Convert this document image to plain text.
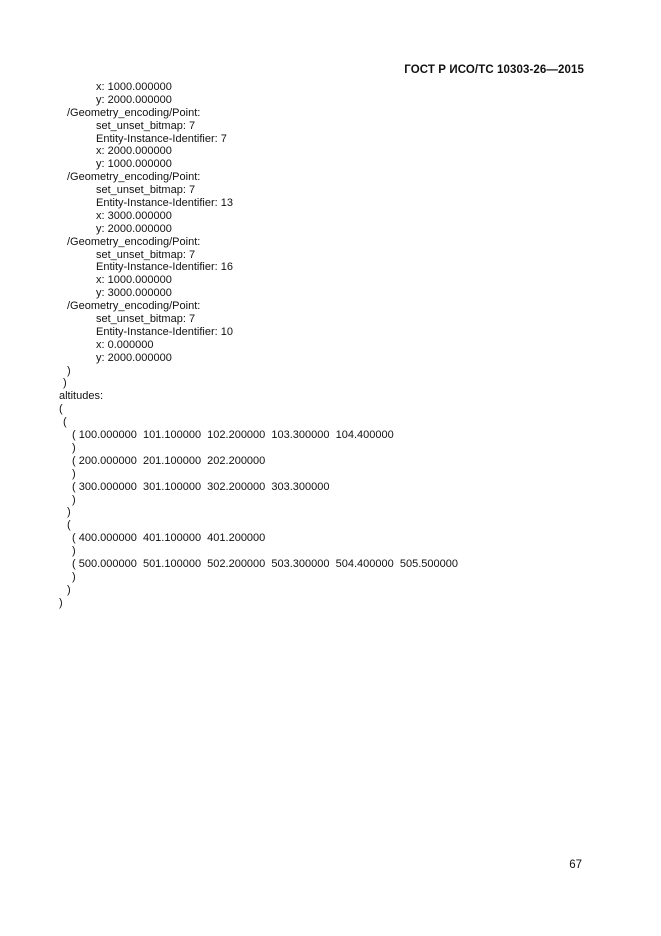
ГОСТ Р ИСО/ТС 10303-26—2015
x: 1000.000000
y: 2000.000000
/Geometry_encoding/Point:
set_unset_bitmap: 7
Entity-Instance-Identifier: 7
x: 2000.000000
y: 1000.000000
/Geometry_encoding/Point:
set_unset_bitmap: 7
Entity-Instance-Identifier: 13
x: 3000.000000
y: 2000.000000
/Geometry_encoding/Point:
set_unset_bitmap: 7
Entity-Instance-Identifier: 16
x: 1000.000000
y: 3000.000000
/Geometry_encoding/Point:
set_unset_bitmap: 7
Entity-Instance-Identifier: 10
x: 0.000000
y: 2000.000000
)
)
altitudes:
(
(
( 100.000000  101.100000  102.200000  103.300000  104.400000
)
( 200.000000  201.100000  202.200000
)
( 300.000000  301.100000  302.200000  303.300000
)
)
(
( 400.000000  401.100000  401.200000
)
( 500.000000  501.100000  502.200000  503.300000  504.400000  505.500000
)
)
)
67
